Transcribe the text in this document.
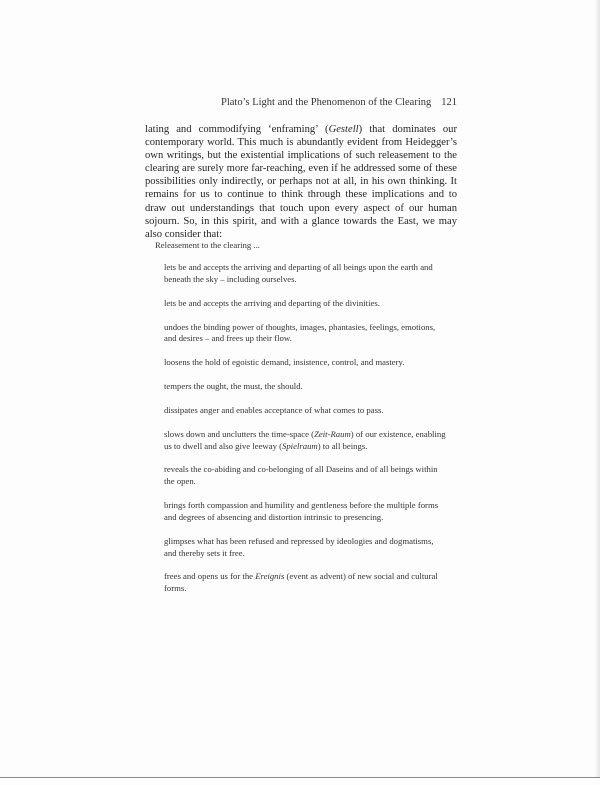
Plato’s Light and the Phenomenon of the Clearing 121

lating and commodifying ‘enframing’ (Gestell) that dominates our contemporary world. This much is abundantly evident from Heidegger’s own writings, but the existential implications of such releasement to the clearing are surely more far-reaching, even if he addressed some of these possibilities only indirectly, or perhaps not at all, in his own thinking. It remains for us to continue to think through these implications and to draw out understandings that touch upon every aspect of our human sojourn. So, in this spirit, and with a glance towards the East, we may also consider that:

Releasement to the clearing ...

lets be and accepts the arriving and departing of all beings upon the earth and beneath the sky – including ourselves.
lets be and accepts the arriving and departing of the divinities.
undoes the binding power of thoughts, images, phantasies, feelings, emotions, and desires – and frees up their flow.
loosens the hold of egoistic demand, insistence, control, and mastery.
tempers the ought, the must, the should.
dissipates anger and enables acceptance of what comes to pass.
slows down and unclutters the time-space (Zeit-Raum) of our existence, enabling us to dwell and also give leeway (Spielraum) to all beings.
reveals the co-abiding and co-belonging of all Daseins and of all beings within the open.
brings forth compassion and humility and gentleness before the multiple forms and degrees of absencing and distortion intrinsic to presencing.
glimpses what has been refused and repressed by ideologies and dogmatisms, and thereby sets it free.
frees and opens us for the Ereignis (event as advent) of new social and cultural forms.
